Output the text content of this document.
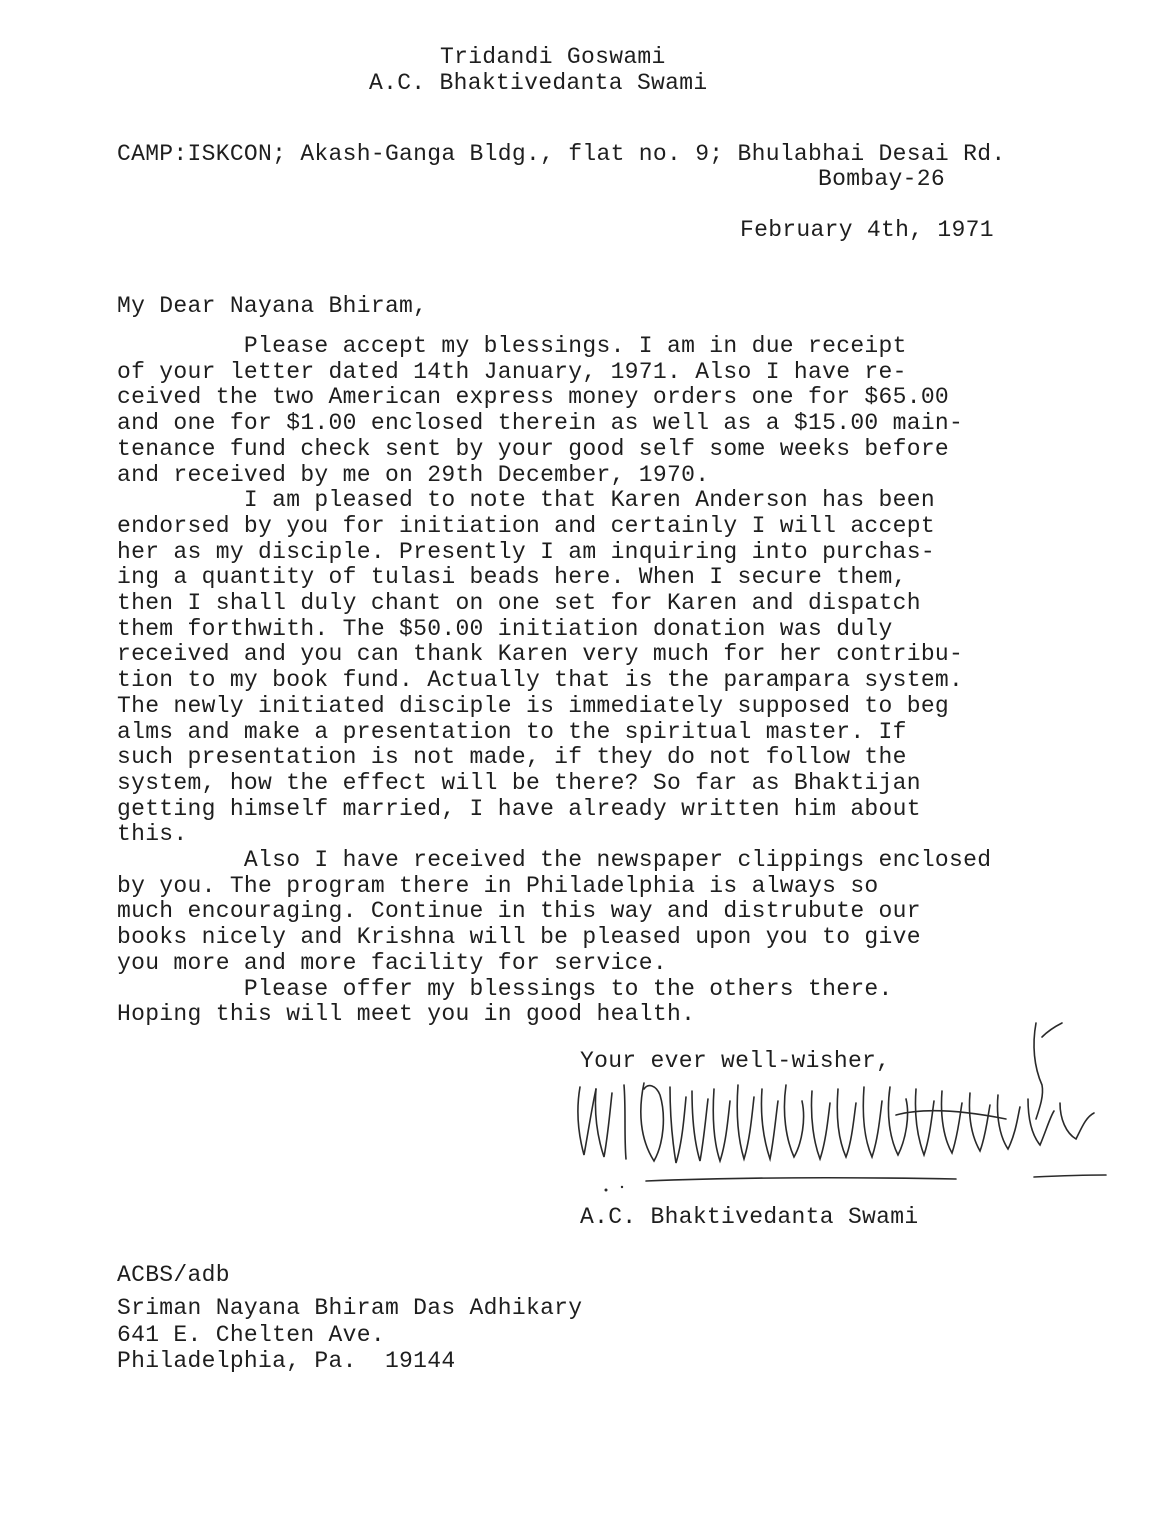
Tridandi Goswami
A.C. Bhaktivedanta Swami
CAMP:ISKCON; Akash-Ganga Bldg., flat no. 9; Bhulabhai Desai Rd.
Bombay-26
February 4th, 1971
My Dear Nayana Bhiram,
Please accept my blessings. I am in due receipt
of your letter dated 14th January, 1971. Also I have re-
ceived the two American express money orders one for $65.00
and one for $1.00 enclosed therein as well as a $15.00 main-
tenance fund check sent by your good self some weeks before
and received by me on 29th December, 1970.
I am pleased to note that Karen Anderson has been
endorsed by you for initiation and certainly I will accept
her as my disciple. Presently I am inquiring into purchas-
ing a quantity of tulasi beads here. When I secure them,
then I shall duly chant on one set for Karen and dispatch
them forthwith. The $50.00 initiation donation was duly
received and you can thank Karen very much for her contribu-
tion to my book fund. Actually that is the parampara system.
The newly initiated disciple is immediately supposed to beg
alms and make a presentation to the spiritual master. If
such presentation is not made, if they do not follow the
system, how the effect will be there? So far as Bhaktijan
getting himself married, I have already written him about
this.
Also I have received the newspaper clippings enclosed
by you. The program there in Philadelphia is always so
much encouraging. Continue in this way and distrubute our
books nicely and Krishna will be pleased upon you to give
you more and more facility for service.
Please offer my blessings to the others there.
Hoping this will meet you in good health.
Your ever well-wisher,
A.C. Bhaktivedanta Swami
ACBS/adb
Sriman Nayana Bhiram Das Adhikary
641 E. Chelten Ave.
Philadelphia, Pa.  19144
